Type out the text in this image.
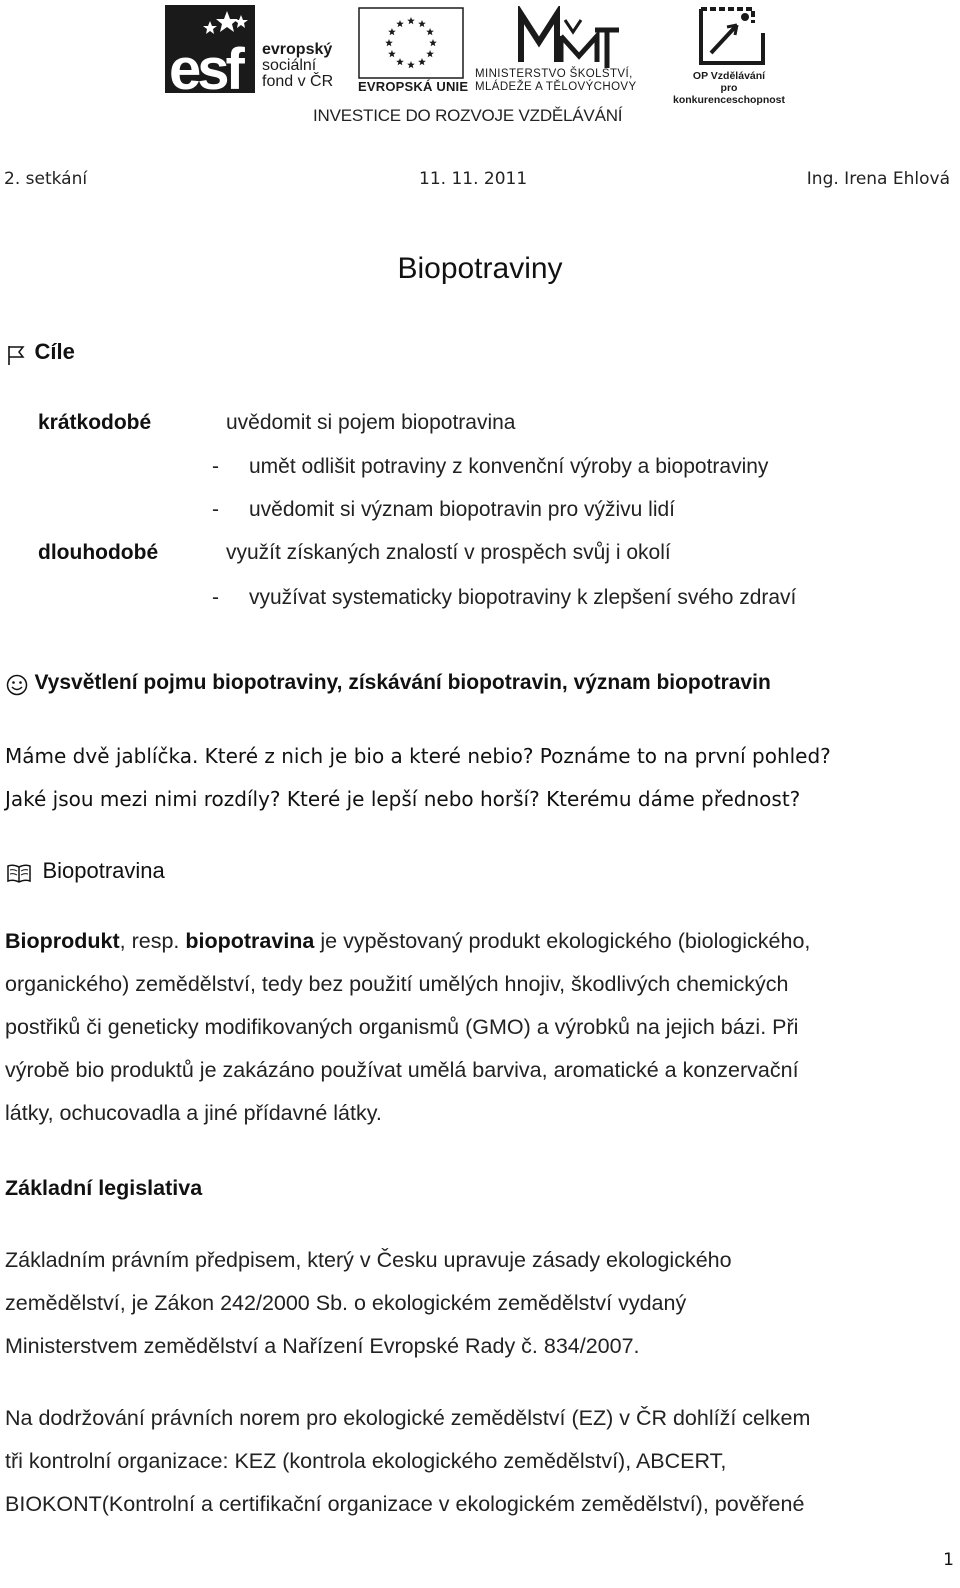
esf evropský
sociální
fond v ČR EVROPSKÁ UNIE
MINISTERSTVO ŠKOLSTVÍ,
MLÁDEŽE A TĚLOVÝCHOVY
OP Vzdělávání
pro konkurenceschopnost
INVESTICE DO ROZVOJE VZDĚLÁVÁNÍ
2. setkání	11. 11. 2011	Ing. Irena Ehlová
Biopotraviny
Cíle
krátkodobé	uvědomit si pojem biopotravina
- umět odlišit potraviny z konvenční výroby a biopotraviny
- uvědomit si význam biopotravin pro výživu lidí
dlouhodobé	využít získaných znalostí v prospěch svůj i okolí
- využívat systematicky biopotraviny k zlepšení svého zdraví
Vysvětlení pojmu biopotraviny, získávání biopotravin, význam biopotravin
Máme dvě jablíčka. Které z nich je bio a které nebio? Poznáme to na první pohled?
Jaké jsou mezi nimi rozdíly? Které je lepší nebo horší? Kterému dáme přednost?
Biopotravina
Bioprodukt, resp. biopotravina je vypěstovaný produkt ekologického (biologického,
organického) zemědělství, tedy bez použití umělých hnojiv, škodlivých chemických
postřiků či geneticky modifikovaných organismů (GMO) a výrobků na jejich bázi. Při
výrobě bio produktů je zakázáno používat umělá barviva, aromatické a konzervační
látky, ochucovadla a jiné přídavné látky.
Základní legislativa
Základním právním předpisem, který v Česku upravuje zásady ekologického
zemědělství, je Zákon 242/2000 Sb. o ekologickém zemědělství vydaný
Ministerstvem zemědělství a Nařízení Evropské Rady č. 834/2007.
Na dodržování právních norem pro ekologické zemědělství (EZ) v ČR dohlíží celkem
tři kontrolní organizace: KEZ (kontrola ekologického zemědělství), ABCERT,
BIOKONT(Kontrolní a certifikační organizace v ekologickém zemědělství), pověřené
1
